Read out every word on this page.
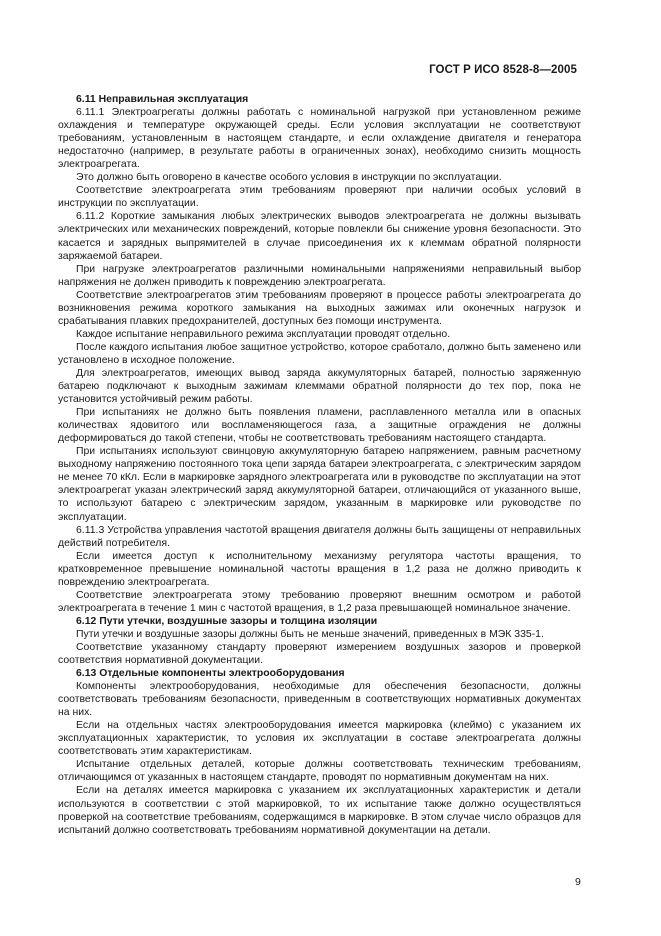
ГОСТ Р ИСО 8528-8—2005

6.11 Неправильная эксплуатация

6.11.1 Электроагрегаты должны работать с номинальной нагрузкой при установленном режиме охлаждения и температуре окружающей среды. Если условия эксплуатации не соответствуют требованиям, установленным в настоящем стандарте, и если охлаждение двигателя и генератора недостаточно (например, в результате работы в ограниченных зонах), необходимо снизить мощность электроагрегата.

Это должно быть оговорено в качестве особого условия в инструкции по эксплуатации.

Соответствие электроагрегата этим требованиям проверяют при наличии особых условий в инструкции по эксплуатации.

6.11.2 Короткие замыкания любых электрических выводов электроагрегата не должны вызывать электрических или механических повреждений, которые повлекли бы снижение уровня безопасности. Это касается и зарядных выпрямителей в случае присоединения их к клеммам обратной полярности заряжаемой батареи.

При нагрузке электроагрегатов различными номинальными напряжениями неправильный выбор напряжения не должен приводить к повреждению электроагрегата.

Соответствие электроагрегатов этим требованиям проверяют в процессе работы электроагрегата до возникновения режима короткого замыкания на выходных зажимах или оконечных нагрузок и срабатывания плавких предохранителей, доступных без помощи инструмента.

Каждое испытание неправильного режима эксплуатации проводят отдельно.

После каждого испытания любое защитное устройство, которое сработало, должно быть заменено или установлено в исходное положение.

Для электроагрегатов, имеющих вывод заряда аккумуляторных батарей, полностью заряженную батарею подключают к выходным зажимам клеммами обратной полярности до тех пор, пока не установится устойчивый режим работы.

При испытаниях не должно быть появления пламени, расплавленного металла или в опасных количествах ядовитого или воспламеняющегося газа, а защитные ограждения не должны деформироваться до такой степени, чтобы не соответствовать требованиям настоящего стандарта.

При испытаниях используют свинцовую аккумуляторную батарею напряжением, равным расчетному выходному напряжению постоянного тока цепи заряда батареи электроагрегата, с электрическим зарядом не менее 70 кКл. Если в маркировке зарядного электроагрегата или в руководстве по эксплуатации на этот электроагрегат указан электрический заряд аккумуляторной батареи, отличающийся от указанного выше, то используют батарею с электрическим зарядом, указанным в маркировке или руководстве по эксплуатации.

6.11.3 Устройства управления частотой вращения двигателя должны быть защищены от неправильных действий потребителя.

Если имеется доступ к исполнительному механизму регулятора частоты вращения, то кратковременное превышение номинальной частоты вращения в 1,2 раза не должно приводить к повреждению электроагрегата.

Соответствие электроагрегата этому требованию проверяют внешним осмотром и работой электроагрегата в течение 1 мин с частотой вращения, в 1,2 раза превышающей номинальное значение.

6.12 Пути утечки, воздушные зазоры и толщина изоляции

Пути утечки и воздушные зазоры должны быть не меньше значений, приведенных в МЭК 335-1.

Соответствие указанному стандарту проверяют измерением воздушных зазоров и проверкой соответствия нормативной документации.

6.13 Отдельные компоненты электрооборудования

Компоненты электрооборудования, необходимые для обеспечения безопасности, должны соответствовать требованиям безопасности, приведенным в соответствующих нормативных документах на них.

Если на отдельных частях электрооборудования имеется маркировка (клеймо) с указанием их эксплуатационных характеристик, то условия их эксплуатации в составе электроагрегата должны соответствовать этим характеристикам.

Испытание отдельных деталей, которые должны соответствовать техническим требованиям, отличающимся от указанных в настоящем стандарте, проводят по нормативным документам на них.

Если на деталях имеется маркировка с указанием их эксплуатационных характеристик и детали используются в соответствии с этой маркировкой, то их испытание также должно осуществляться проверкой на соответствие требованиям, содержащимся в маркировке. В этом случае число образцов для испытаний должно соответствовать требованиям нормативной документации на детали.

9
